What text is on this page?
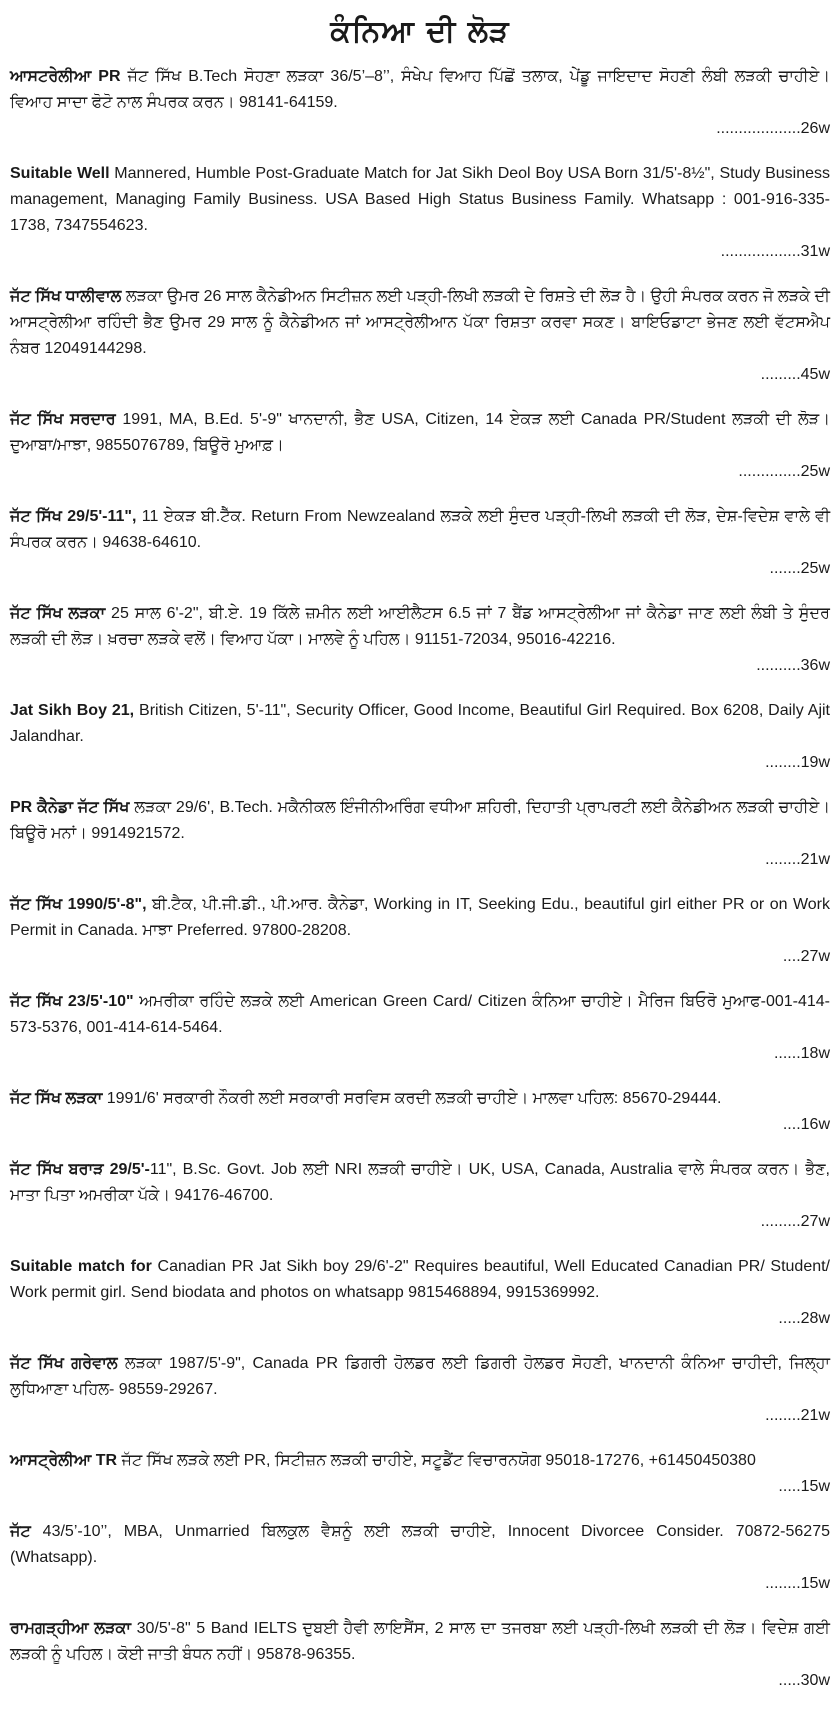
ਕੰਨਿਆ ਦੀ ਲੋੜ
ਆਸਟਰੇਲੀਆ PR ਜੱਟ ਸਿੱਖ B.Tech ਸੋਹਣਾ ਲੜਕਾ 36/5’–8’’, ਸੰਖੇਪ ਵਿਆਹ ਪਿੱਛੋਂ ਤਲਾਕ, ਪੇਂਡੂ ਜਾਇਦਾਦ ਸੋਹਣੀ ਲੰਬੀ ਲੜਕੀ ਚਾਹੀਏ। ਵਿਆਹ ਸਾਦਾ ਫੋਟੋ ਨਾਲ ਸੰਪਰਕ ਕਰਨ। 98141-64159.
...................26w
Suitable Well Mannered, Humble Post-Graduate Match for Jat Sikh Deol Boy USA Born 31/5'-8½", Study Business management, Managing Family Business. USA Based High Status Business Family. Whatsapp : 001-916-335-1738, 7347554623.
..................31w
ਜੱਟ ਸਿੱਖ ਧਾਲੀਵਾਲ ਲੜਕਾ ਉਮਰ 26 ਸਾਲ ਕੈਨੇਡੀਅਨ ਸਿਟੀਜ਼ਨ ਲਈ ਪੜ੍ਹੀ-ਲਿਖੀ ਲੜਕੀ ਦੇ ਰਿਸ਼ਤੇ ਦੀ ਲੋੜ ਹੈ। ਉਹੀ ਸੰਪਰਕ ਕਰਨ ਜੋ ਲੜਕੇ ਦੀ ਆਸਟ੍ਰੇਲੀਆ ਰਹਿੰਦੀ ਭੈਣ ਉਮਰ 29 ਸਾਲ ਨੂੰ ਕੈਨੇਡੀਅਨ ਜਾਂ ਆਸਟ੍ਰੇਲੀਆਨ ਪੱਕਾ ਰਿਸ਼ਤਾ ਕਰਵਾ ਸਕਣ। ਬਾਇਓਡਾਟਾ ਭੇਜਣ ਲਈ ਵੱਟਸਐਪ ਨੰਬਰ 12049144298.
.........45w
ਜੱਟ ਸਿੱਖ ਸਰਦਾਰ 1991, MA, B.Ed. 5'-9" ਖਾਨਦਾਨੀ, ਭੈਣ USA, Citizen, 14 ਏਕੜ ਲਈ Canada PR/Student ਲੜਕੀ ਦੀ ਲੋੜ। ਦੁਆਬਾ/ਮਾਝਾ, 9855076789, ਬਿਊਰੋ ਮੁਆਫ਼।
..............25w
ਜੱਟ ਸਿੱਖ 29/5'-11", 11 ਏਕੜ ਬੀ.ਟੈੱਕ. Return From Newzealand ਲੜਕੇ ਲਈ ਸੁੰਦਰ ਪੜ੍ਹੀ-ਲਿਖੀ ਲੜਕੀ ਦੀ ਲੋੜ, ਦੇਸ਼-ਵਿਦੇਸ਼ ਵਾਲੇ ਵੀ ਸੰਪਰਕ ਕਰਨ। 94638-64610.
.......25w
ਜੱਟ ਸਿੱਖ ਲੜਕਾ 25 ਸਾਲ 6'-2", ਬੀ.ਏ. 19 ਕਿੱਲੇ ਜ਼ਮੀਨ ਲਈ ਆਈਲੈਟਸ 6.5 ਜਾਂ 7 ਬੈਂਡ ਆਸਟ੍ਰੇਲੀਆ ਜਾਂ ਕੈਨੇਡਾ ਜਾਣ ਲਈ ਲੰਬੀ ਤੇ ਸੁੰਦਰ ਲੜਕੀ ਦੀ ਲੋੜ। ਖ਼ਰਚਾ ਲੜਕੇ ਵਲੋਂ। ਵਿਆਹ ਪੱਕਾ। ਮਾਲਵੇ ਨੂੰ ਪਹਿਲ। 91151-72034, 95016-42216.
..........36w
Jat Sikh Boy 21, British Citizen, 5'-11", Security Officer, Good Income, Beautiful Girl Required. Box 6208, Daily Ajit Jalandhar.
........19w
PR ਕੈਨੇਡਾ ਜੱਟ ਸਿੱਖ ਲੜਕਾ 29/6', B.Tech. ਮਕੈਨੀਕਲ ਇੰਜੀਨੀਅਰਿੰਗ ਵਧੀਆ ਸ਼ਹਿਰੀ, ਦਿਹਾਤੀ ਪ੍ਰਾਪਰਟੀ ਲਈ ਕੈਨੇਡੀਅਨ ਲੜਕੀ ਚਾਹੀਏ। ਬਿਊਰੋ ਮਨਾਂ। 9914921572.
........21w
ਜੱਟ ਸਿੱਖ 1990/5'-8", ਬੀ.ਟੈਕ, ਪੀ.ਜੀ.ਡੀ., ਪੀ.ਆਰ. ਕੈਨੇਡਾ, Working in IT, Seeking Edu., beautiful girl either PR or on Work Permit in Canada. ਮਾਝਾ Preferred. 97800-28208.
....27w
ਜੱਟ ਸਿੱਖ 23/5'-10" ਅਮਰੀਕਾ ਰਹਿੰਦੇ ਲੜਕੇ ਲਈ American Green Card/ Citizen ਕੰਨਿਆ ਚਾਹੀਏ। ਮੈਰਿਜ ਬਿਓਰੋ ਮੁਆਫ-001-414-573-5376, 001-414-614-5464.
......18w
ਜੱਟ ਸਿੱਖ ਲੜਕਾ 1991/6' ਸਰਕਾਰੀ ਨੌਕਰੀ ਲਈ ਸਰਕਾਰੀ ਸਰਵਿਸ ਕਰਦੀ ਲੜਕੀ ਚਾਹੀਏ। ਮਾਲਵਾ ਪਹਿਲ: 85670-29444.
....16w
ਜੱਟ ਸਿੱਖ ਬਰਾੜ 29/5'-11", B.Sc. Govt. Job ਲਈ NRI ਲੜਕੀ ਚਾਹੀਏ। UK, USA, Canada, Australia ਵਾਲੇ ਸੰਪਰਕ ਕਰਨ। ਭੈਣ, ਮਾਤਾ ਪਿਤਾ ਅਮਰੀਕਾ ਪੱਕੇ। 94176-46700.
.........27w
Suitable match for Canadian PR Jat Sikh boy 29/6'-2" Requires beautiful, Well Educated Canadian PR/ Student/ Work permit girl. Send biodata and photos on whatsapp 9815468894, 9915369992.
.....28w
ਜੱਟ ਸਿੱਖ ਗਰੇਵਾਲ ਲੜਕਾ 1987/5'-9", Canada PR ਡਿਗਰੀ ਹੋਲਡਰ ਲਈ ਡਿਗਰੀ ਹੋਲਡਰ ਸੋਹਣੀ, ਖਾਨਦਾਨੀ ਕੰਨਿਆ ਚਾਹੀਦੀ, ਜਿਲ੍ਹਾ ਲੁਧਿਆਣਾ ਪਹਿਲ- 98559-29267.
........21w
ਆਸਟ੍ਰੇਲੀਆ TR ਜੱਟ ਸਿੱਖ ਲੜਕੇ ਲਈ PR, ਸਿਟੀਜ਼ਨ ਲੜਕੀ ਚਾਹੀਏ, ਸਟੂਡੈਂਟ ਵਿਚਾਰਨਯੋਗ 95018-17276, +61450450380
.....15w
ਜੱਟ 43/5’-10’’, MBA, Unmarried ਬਿਲਕੁਲ ਵੈਸ਼ਨੂੰ ਲਈ ਲੜਕੀ ਚਾਹੀਏ, Innocent Divorcee Consider. 70872-56275 (Whatsapp).
........15w
ਰਾਮਗੜ੍ਹੀਆ ਲੜਕਾ 30/5'-8" 5 Band IELTS ਦੁਬਈ ਹੈਵੀ ਲਾਇਸੈਂਸ, 2 ਸਾਲ ਦਾ ਤਜਰਬਾ ਲਈ ਪੜ੍ਹੀ-ਲਿਖੀ ਲੜਕੀ ਦੀ ਲੋੜ। ਵਿਦੇਸ਼ ਗਈ ਲੜਕੀ ਨੂੰ ਪਹਿਲ। ਕੋਈ ਜਾਤੀ ਬੰਧਨ ਨਹੀਂ। 95878-96355.
.....30w
